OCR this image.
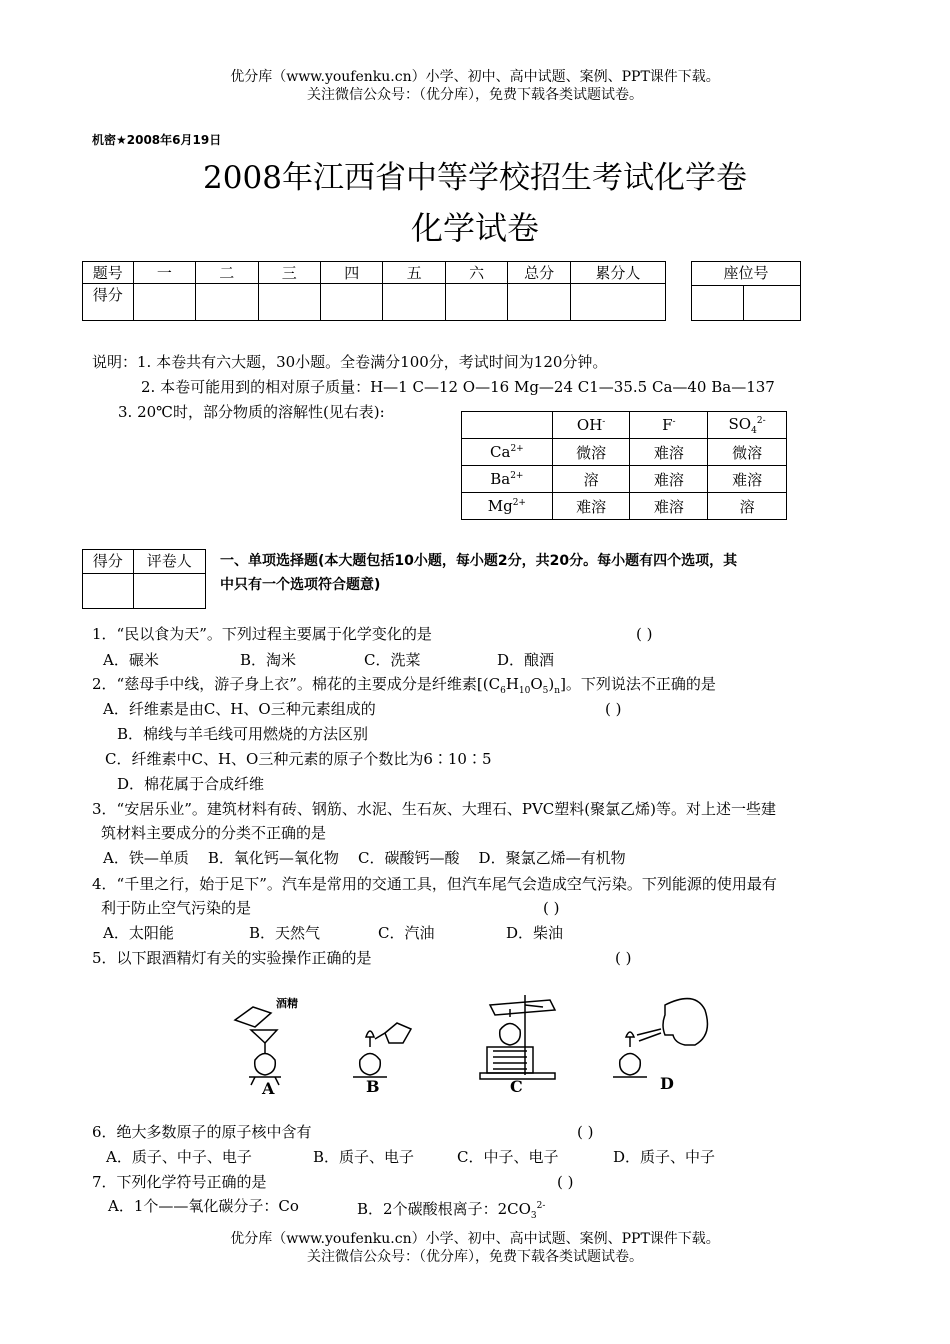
优分库（www.youfenku.cn）小学、初中、高中试题、案例、PPT课件下载。
关注微信公众号：（优分库），免费下载各类试题试卷。
机密★2008年6月19日
2008年江西省中等学校招生考试化学卷
化学试卷
题号	一	二	三	四	五	六	总分	累分人
得分								
座位号

说明：1. 本卷共有六大题，30小题。全卷满分100分，考试时间为120分钟。
2. 本卷可能用到的相对原子质量：H—1 C—12 O—16 Mg—24 C1—35.5 Ca—40 Ba—137
3. 20℃时，部分物质的溶解性(见右表):
	OH-	F-	$SO_4^{2-}$
$Ca^{2+}$	微溶	难溶	微溶
$Ba^{2+}$	溶	难溶	难溶
$Mg^{2+}$	难溶	难溶	溶
得分	评卷人
	一、单项选择题(本大题包括10小题，每小题2分，共20分。每小题有四个选项，其
中只有一个选项符合题意)
1．“民以食为天”。下列过程主要属于化学变化的是	( )
A．碾米	B．淘米	C．洗菜	D．酿酒
2．“慈母手中线，游子身上衣”。棉花的主要成分是纤维素$[(C_6H_{10}O_5)_n]$。下列说法不正确的是
A．纤维素是由C、H、O三种元素组成的	( )
B．棉线与羊毛线可用燃烧的方法区别
C．纤维素中C、H、O三种元素的原子个数比为6∶10∶5
D．棉花属于合成纤维
3．“安居乐业”。建筑材料有砖、钢筋、水泥、生石灰、大理石、PVC塑料(聚氯乙烯)等。对上述一些建
筑材料主要成分的分类不正确的是
A．铁—单质    B．氧化钙—氧化物    C．碳酸钙—酸    D．聚氯乙烯—有机物
4．“千里之行，始于足下”。汽车是常用的交通工具，但汽车尾气会造成空气污染。下列能源的使用最有
利于防止空气污染的是	( )
A．太阳能	B．天然气	C．汽油	D．柴油
5．以下跟酒精灯有关的实验操作正确的是	( )
酒精
A	B	C	D
6．绝大多数原子的原子核中含有	( )
A．质子、中子、电子	B．质子、电子	C．中子、电子	D．质子、中子
7．下列化学符号正确的是	( )
A．1个——氧化碳分子：Co	B．2个碳酸根离子：$2CO_3^{2-}$
优分库（www.youfenku.cn）小学、初中、高中试题、案例、PPT课件下载。
关注微信公众号：（优分库），免费下载各类试题试卷。
